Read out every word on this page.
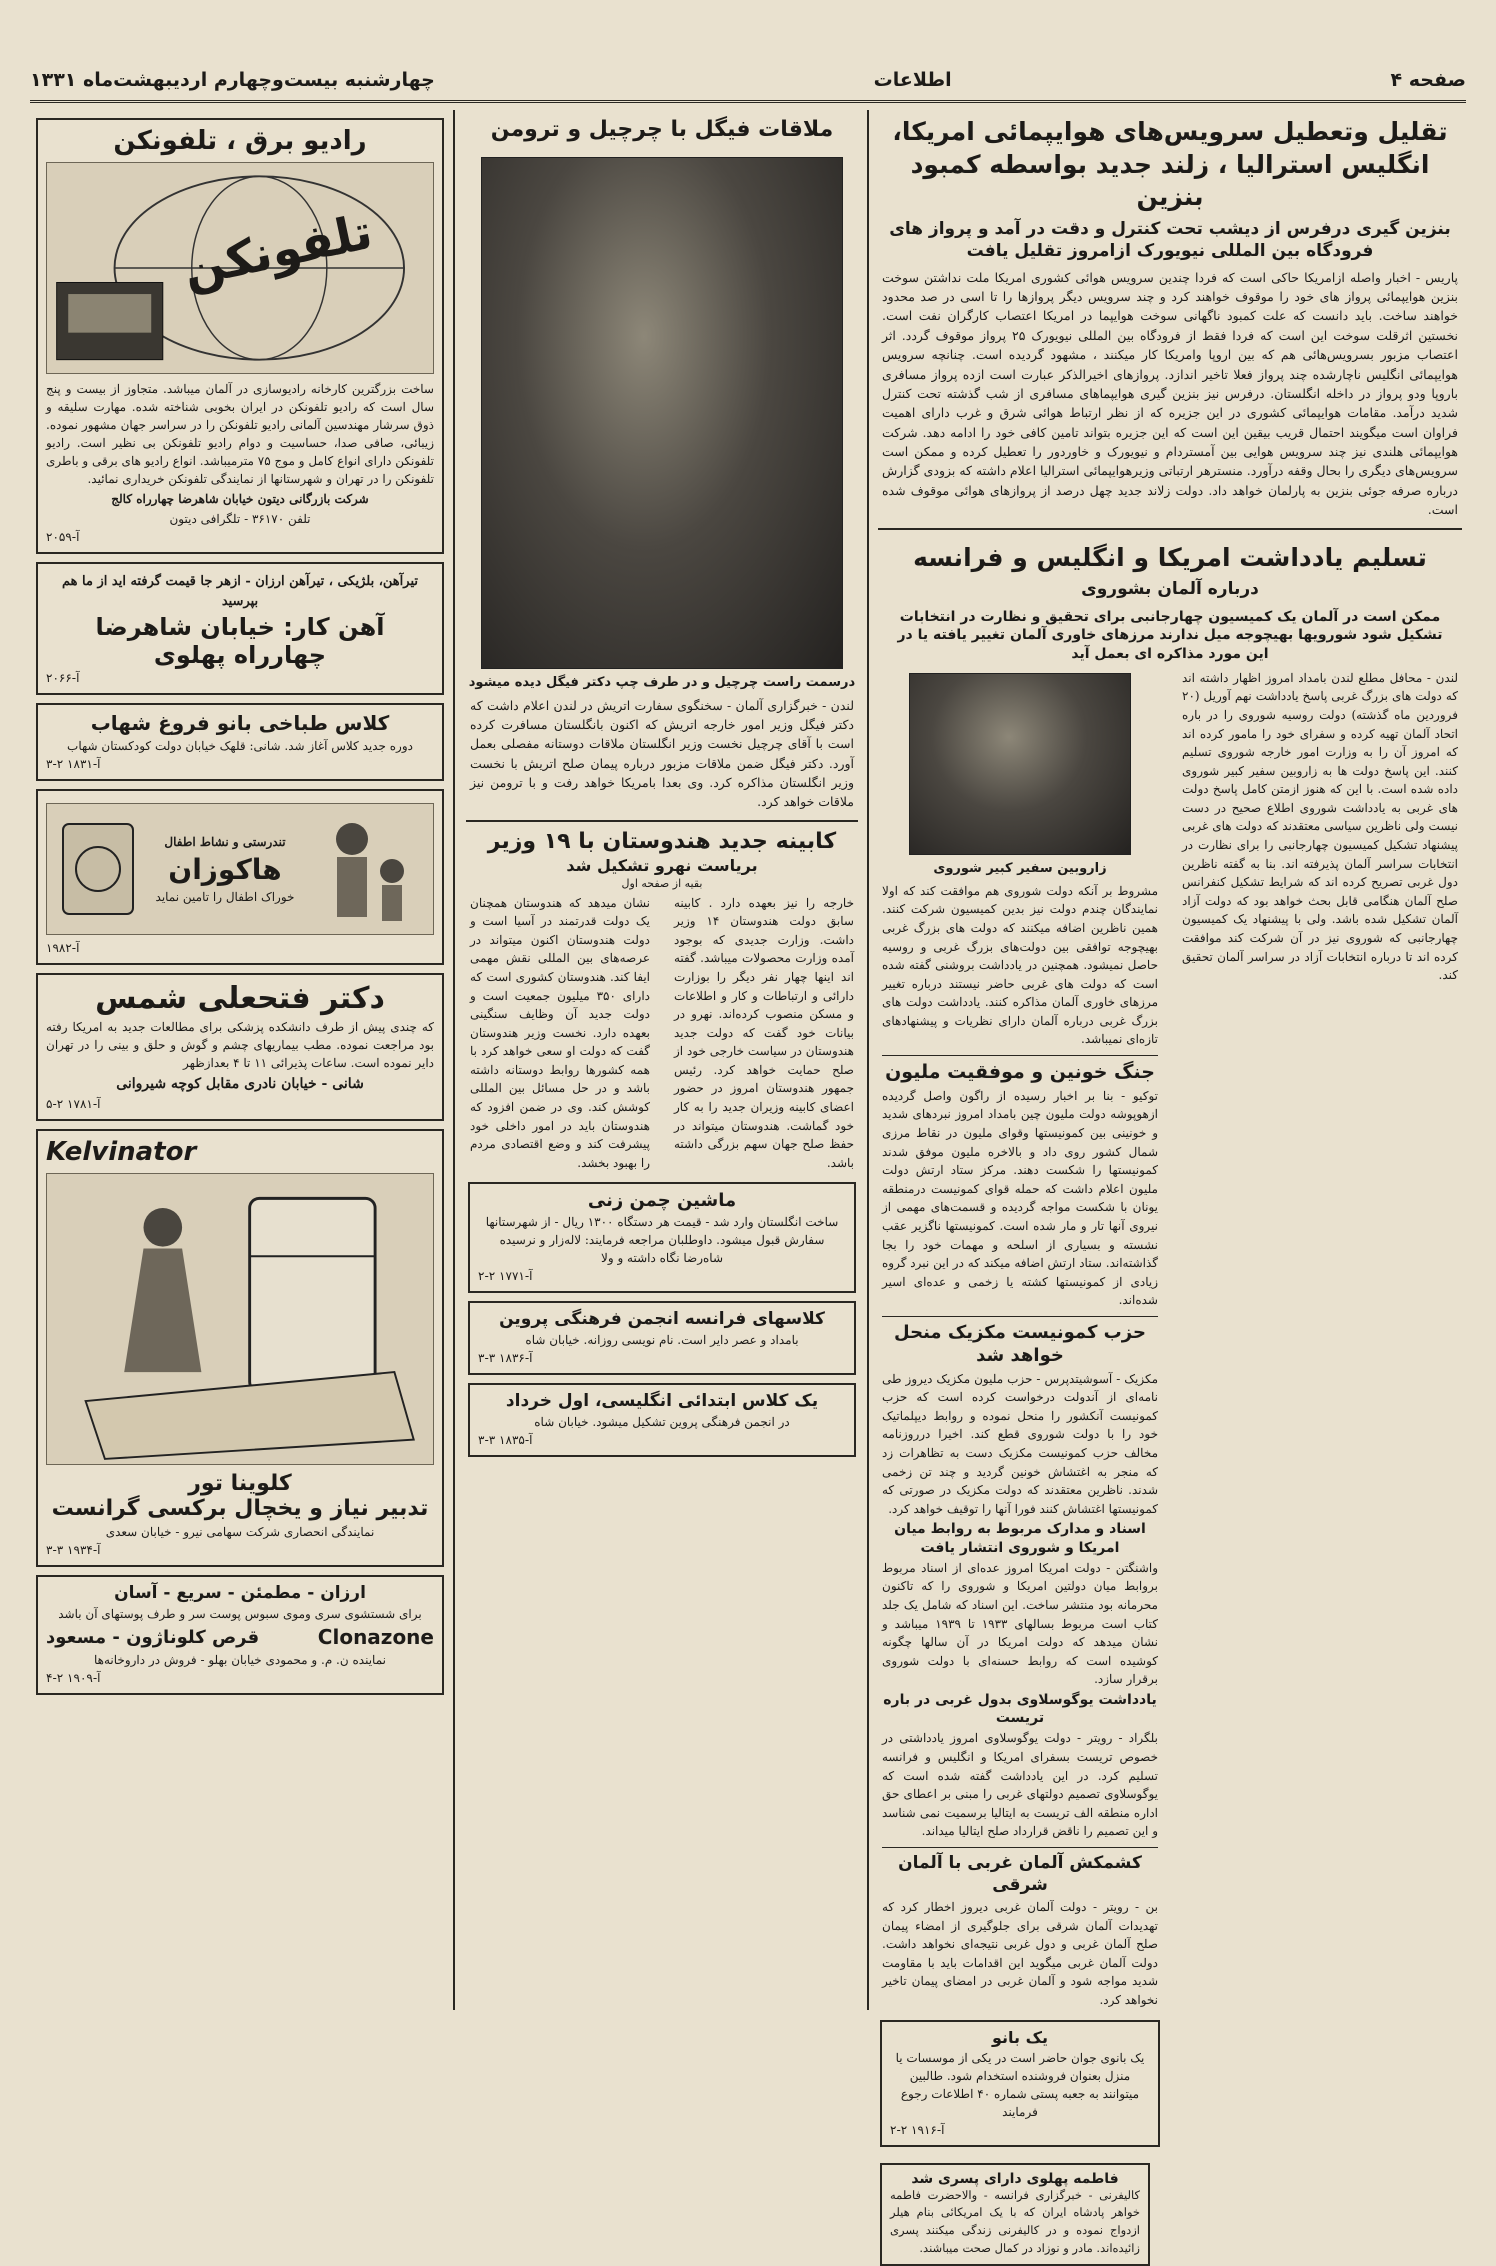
صفحه ۴
اطلاعات
چهارشنبه بیست‌وچهارم اردیبهشت‌ماه ۱۳۳۱
تقلیل وتعطیل سرویس‌های هوایپمائی امریکا، انگلیس استرالیا ، زلند جدید بواسطه کمبود بنزین
بنزین گیری درفرس از دیشب تحت کنترل و دقت در آمد و پرواز های فرودگاه بین المللی نیویورک ازامروز تقلیل یافت

پاریس - اخبار واصله ازامریکا حاکی است که فردا چندین سرویس هوائی کشوری امریکا ملت نداشتن سوخت بنزین هوایپمائی پرواز های خود را موقوف خواهند کرد و چند سرویس دیگر پروازها را تا اسی در صد محدود خواهند ساخت. باید دانست که علت کمبود ناگهانی سوخت هوایپما در امریکا اعتصاب کارگران نفت است. نخستین اثرقلت سوخت این است که فردا فقط از فرودگاه بین المللی نیویورک ۲۵ پرواز موقوف گردد. اثر اعتصاب مزبور بسرویس‌هائی هم که بین اروپا وامریکا کار میکنند ، مشهود گردیده است. چنانچه سرویس هوایپمائی انگلیس ناچارشده چند پرواز فعلا تاخیر اندازد. پروازهای اخیرالذکر عبارت است ازده پرواز مسافری باروپا ودو پرواز در داخله انگلستان. درفرس نیز بنزین گیری هوایپماهای مسافری از شب گذشته تحت کنترل شدید درآمد. مقامات هوایپمائی کشوری در این جزیره که از نظر ارتباط هوائی شرق و غرب دارای اهمیت فراوان است میگویند احتمال قریب بیقین این است که این جزیره بتواند تامین کافی خود را ادامه دهد. شرکت هوایپمائی هلندی نیز چند سرویس هوایی بین آمستردام و نیویورک و خاوردور را تعطیل کرده و ممکن است سرویس‌های دیگری را بحال وقفه درآورد. منسترهر ارتباتی وزیرهوایپمائی استرالیا اعلام داشته که بزودی گزارش درباره صرفه جوئی بنزین به پارلمان خواهد داد. دولت زلاند جدید چهل درصد از پروازهای هوائی موقوف شده است.

تسلیم یادداشت امریکا و انگلیس و فرانسه
درباره آلمان بشوروی
ممکن است در آلمان یک کمیسیون چهارجانبی برای تحقیق و نظارت در انتخابات تشکیل شود شورویها بهیچوجه میل ندارند مرزهای خاوری آلمان تغییر یافته یا در این مورد مذاکره ای بعمل آید

لندن - محافل مطلع لندن بامداد امروز اظهار داشته اند که دولت های بزرگ غربی پاسخ یادداشت نهم آوریل (۲۰ فروردین ماه گذشته) دولت روسیه شوروی را در باره اتحاد آلمان تهیه کرده و سفرای خود را مامور کرده اند که امروز آن را به وزارت امور خارجه شوروی تسلیم کنند. این پاسخ دولت ها به زاروبین سفیر کبیر شوروی داده شده است. با این که هنوز ازمتن کامل پاسخ دولت های غربی به یادداشت شوروی اطلاع صحیح در دست نیست ولی ناظرین سیاسی معتقدند که دولت های غربی پیشنهاد تشکیل کمیسیون چهارجانبی را برای نظارت در انتخابات سراسر آلمان پذیرفته اند. بنا به گفته ناظرین دول غربی تصریح کرده اند که شرایط تشکیل کنفرانس صلح آلمان هنگامی قابل بحث خواهد بود که دولت آزاد آلمان تشکیل شده باشد. ولی با پیشنهاد یک کمیسیون چهارجانبی که شوروی نیز در آن شرکت کند موافقت کرده اند تا درباره انتخابات آزاد در سراسر آلمان تحقیق کند.

زاروبین سفیر کبیر شوروی

مشروط بر آنکه دولت شوروی هم موافقت کند که اولا نمایندگان چندم دولت نیز بدین کمیسیون شرکت کنند. همین ناظرین اضافه میکنند که دولت های بزرگ غربی بهیچوجه توافقی بین دولت‌های بزرگ غربی و روسیه حاصل نمیشود. همچنین در یادداشت بروشنی گفته شده است که دولت های غربی حاضر نیستند درباره تغییر مرزهای خاوری آلمان مذاکره کنند. یادداشت دولت های بزرگ غربی درباره آلمان دارای نظریات و پیشنهادهای تازه‌ای نمیباشد.

جنگ خونین و موفقیت ملیون

توکیو - بنا بر اخبار رسیده از راگون واصل گردیده ازهوپوشه دولت ملیون چین بامداد امروز نبردهای شدید و خونینی بین کمونیستها وقوای ملیون در نقاط مرزی شمال کشور روی داد و بالاخره ملیون موفق شدند کمونیستها را شکست دهند. مرکز ستاد ارتش دولت ملیون اعلام داشت که حمله قوای کمونیست درمنطقه یونان با شکست مواجه گردیده و قسمت‌های مهمی از نیروی آنها تار و مار شده است. کمونیستها ناگزیر عقب نشسته و بسیاری از اسلحه و مهمات خود را بجا گذاشته‌اند. ستاد ارتش اضافه میکند که در این نبرد گروه زیادی از کمونیستها کشته یا زخمی و عده‌ای اسیر شده‌اند.

حزب کمونیست مکزیک منحل خواهد شد

مکزیک - آسوشیتدپرس - حزب ملیون مکزیک دیروز طی نامه‌ای از آندولت درخواست کرده است که حزب کمونیست آنکشور را منحل نموده و روابط دیپلماتیک خود را با دولت شوروی قطع کند. اخیرا درروزنامه مخالف حزب کمونیست مکزیک دست به تظاهرات زد که منجر به اغتشاش خونین گردید و چند تن زخمی شدند. ناظرین معتقدند که دولت مکزیک در صورتی که کمونیستها اغتشاش کنند فورا آنها را توقیف خواهد کرد.

اسناد و مدارک مربوط به روابط میان امریکا و شوروی انتشار یافت

واشنگتن - دولت امریکا امروز عده‌ای از اسناد مربوط بروابط میان دولتین امریکا و شوروی را که تاکنون محرمانه بود منتشر ساخت. این اسناد که شامل یک جلد کتاب است مربوط بسالهای ۱۹۳۳ تا ۱۹۳۹ میباشد و نشان میدهد که دولت امریکا در آن سالها چگونه کوشیده است که روابط حسنه‌ای با دولت شوروی برقرار سازد.

یادداشت یوگوسلاوی بدول غربی در باره تریست

بلگراد - رویتر - دولت یوگوسلاوی امروز یادداشتی در خصوص تریست بسفرای امریکا و انگلیس و فرانسه تسلیم کرد. در این یادداشت گفته شده است که یوگوسلاوی تصمیم دولتهای غربی را مبنی بر اعطای حق اداره منطقه الف تریست به ایتالیا برسمیت نمی شناسد و این تصمیم را ناقض قرارداد صلح ایتالیا میداند.

کشمکش آلمان غربی با آلمان شرقی

بن - رویتر - دولت آلمان غربی دیروز اخطار کرد که تهدیدات آلمان شرقی برای جلوگیری از امضاء پیمان صلح آلمان غربی و دول غربی نتیجه‌ای نخواهد داشت. دولت آلمان غربی میگوید این اقدامات باید با مقاومت شدید مواجه شود و آلمان غربی در امضای پیمان تاخیر نخواهد کرد.

یک بانو
یک بانوی جوان حاضر است در یکی از موسسات یا منزل بعنوان فروشنده استخدام شود. طالبین میتوانند به جعبه پستی شماره ۴۰ اطلاعات رجوع فرمایند
۲-۲ آ-۱۹۱۶
فاطمه پهلوی دارای پسری شد
کالیفرنی - خبرگزاری فرانسه - والاحضرت فاطمه خواهر پادشاه ایران که با یک امریکائی بنام هیلر ازدواج نموده و در کالیفرنی زندگی میکنند پسری زائیده‌اند. مادر و نوزاد در کمال صحت میباشند.
ملاقات فیگل با چرچیل و ترومن
درسمت راست چرچیل و در طرف چپ دکتر فیگل دیده میشود

لندن - خبرگزاری آلمان - سخنگوی سفارت اتریش در لندن اعلام داشت که دکتر فیگل وزیر امور خارجه اتریش که اکنون بانگلستان مسافرت کرده است با آقای چرچیل نخست وزیر انگلستان ملاقات دوستانه مفصلی بعمل آورد. دکتر فیگل ضمن ملاقات مزبور درباره پیمان صلح اتریش با نخست وزیر انگلستان مذاکره کرد. وی بعدا بامریکا خواهد رفت و با ترومن نیز ملاقات خواهد کرد.

کابینه جدید هندوستان با ۱۹ وزیر
بریاست نهرو تشکیل شد
بقیه از صفحه اول

خارجه را نیز بعهده دارد . کابینه سابق دولت هندوستان ۱۴ وزیر داشت. وزارت جدیدی که بوجود آمده وزارت محصولات میباشد. گفته اند اینها چهار نفر دیگر را بوزارت دارائی و ارتباطات و کار و اطلاعات و مسکن منصوب کرده‌اند. نهرو در بیانات خود گفت که دولت جدید هندوستان در سیاست خارجی خود از صلح حمایت خواهد کرد. رئیس جمهور هندوستان امروز در حضور اعضای کابینه وزیران جدید را به کار خود گماشت. هندوستان میتواند در حفظ صلح جهان سهم بزرگی داشته باشد.

نشان میدهد که هندوستان همچنان یک دولت قدرتمند در آسیا است و دولت هندوستان اکنون میتواند در عرصه‌های بین المللی نقش مهمی ایفا کند. هندوستان کشوری است که دارای ۳۵۰ میلیون جمعیت است و دولت جدید آن وظایف سنگینی بعهده دارد. نخست وزیر هندوستان گفت که دولت او سعی خواهد کرد با همه کشورها روابط دوستانه داشته باشد و در حل مسائل بین المللی کوشش کند. وی در ضمن افزود که هندوستان باید در امور داخلی خود پیشرفت کند و وضع اقتصادی مردم را بهبود بخشد.

ماشین چمن زنی
ساخت انگلستان وارد شد - قیمت هر دستگاه ۱۳۰۰ ریال - از شهرستانها سفارش قبول میشود. داوطلبان مراجعه فرمایند: لاله‌زار و نرسیده شاه‌رضا نگاه داشته و ولا
۲-۲ آ-۱۷۷۱
کلاسهای فرانسه انجمن فرهنگی پروین
بامداد و عصر دایر است. نام نویسی روزانه. خیابان شاه
۳-۳ آ-۱۸۳۶
یک کلاس ابتدائی انگلیسی، اول خرداد
در انجمن فرهنگی پروین تشکیل میشود. خیابان شاه
۳-۳ آ-۱۸۳۵
رادیو برق ، تلفونکن
تلفونکن
ساخت بزرگترین کارخانه رادیوسازی در آلمان میباشد. متجاوز از بیست و پنج سال است که رادیو تلفونکن در ایران بخوبی شناخته شده. مهارت سلیقه و ذوق سرشار مهندسین آلمانی رادیو تلفونکن را در سراسر جهان مشهور نموده. زیبائی، صافی صدا، حساسیت و دوام رادیو تلفونکن بی نظیر است. رادیو تلفونکن دارای انواع کامل و موج ۷۵ مترمیباشد. انواع رادیو های برقی و باطری تلفونکن را در تهران و شهرستانها از نمایندگی تلفونکن خریداری نمائید.
شرکت بازرگانی دیتون خیابان شاهرضا چهارراه کالج
تلفن ۳۶۱۷۰ - تلگرافی دیتون
آ-۲۰۵۹
تیرآهن، بلژیکی ، تیرآهن ارزان - ازهر جا قیمت گرفته اید از ما هم بپرسید
آهن کار: خیابان شاهرضا چهارراه پهلوی
آ-۲۰۶۶
کلاس طباخی بانو فروغ شهاب
دوره جدید کلاس آغاز شد. شانی: قلهک خیابان دولت کودکستان شهاب
۳-۲ آ-۱۸۳۱
تندرستی و نشاط اطفال
هاکوزان
خوراک اطفال را تامین نماید
آ-۱۹۸۲
دکتر فتحعلی شمس
که چندی پیش از طرف دانشکده پزشکی برای مطالعات جدید به امریکا رفته بود مراجعت نموده. مطب بیماریهای چشم و گوش و حلق و بینی را در تهران دایر نموده است. ساعات پذیرائی ۱۱ تا ۴ بعدازظهر
شانی - خیابان نادری مقابل کوچه شیروانی
۵-۲ آ-۱۷۸۱
Kelvinator
کلوینا تور
تدبیر نیاز و یخچال برکسی گرانست
نمایندگی انحصاری شرکت سهامی نیرو - خیابان سعدی
۳-۳ آ-۱۹۳۴
ارزان - مطمئن - سریع - آسان
برای شستشوی سری وموی سبوس پوست سر و طرف پوستهای آن باشد
Clonazone
قرص کلوناژون - مسعود
نماینده ن. م. و محمودی خیابان بهلو - فروش در داروخانه‌ها
۴-۲ آ-۱۹۰۹
